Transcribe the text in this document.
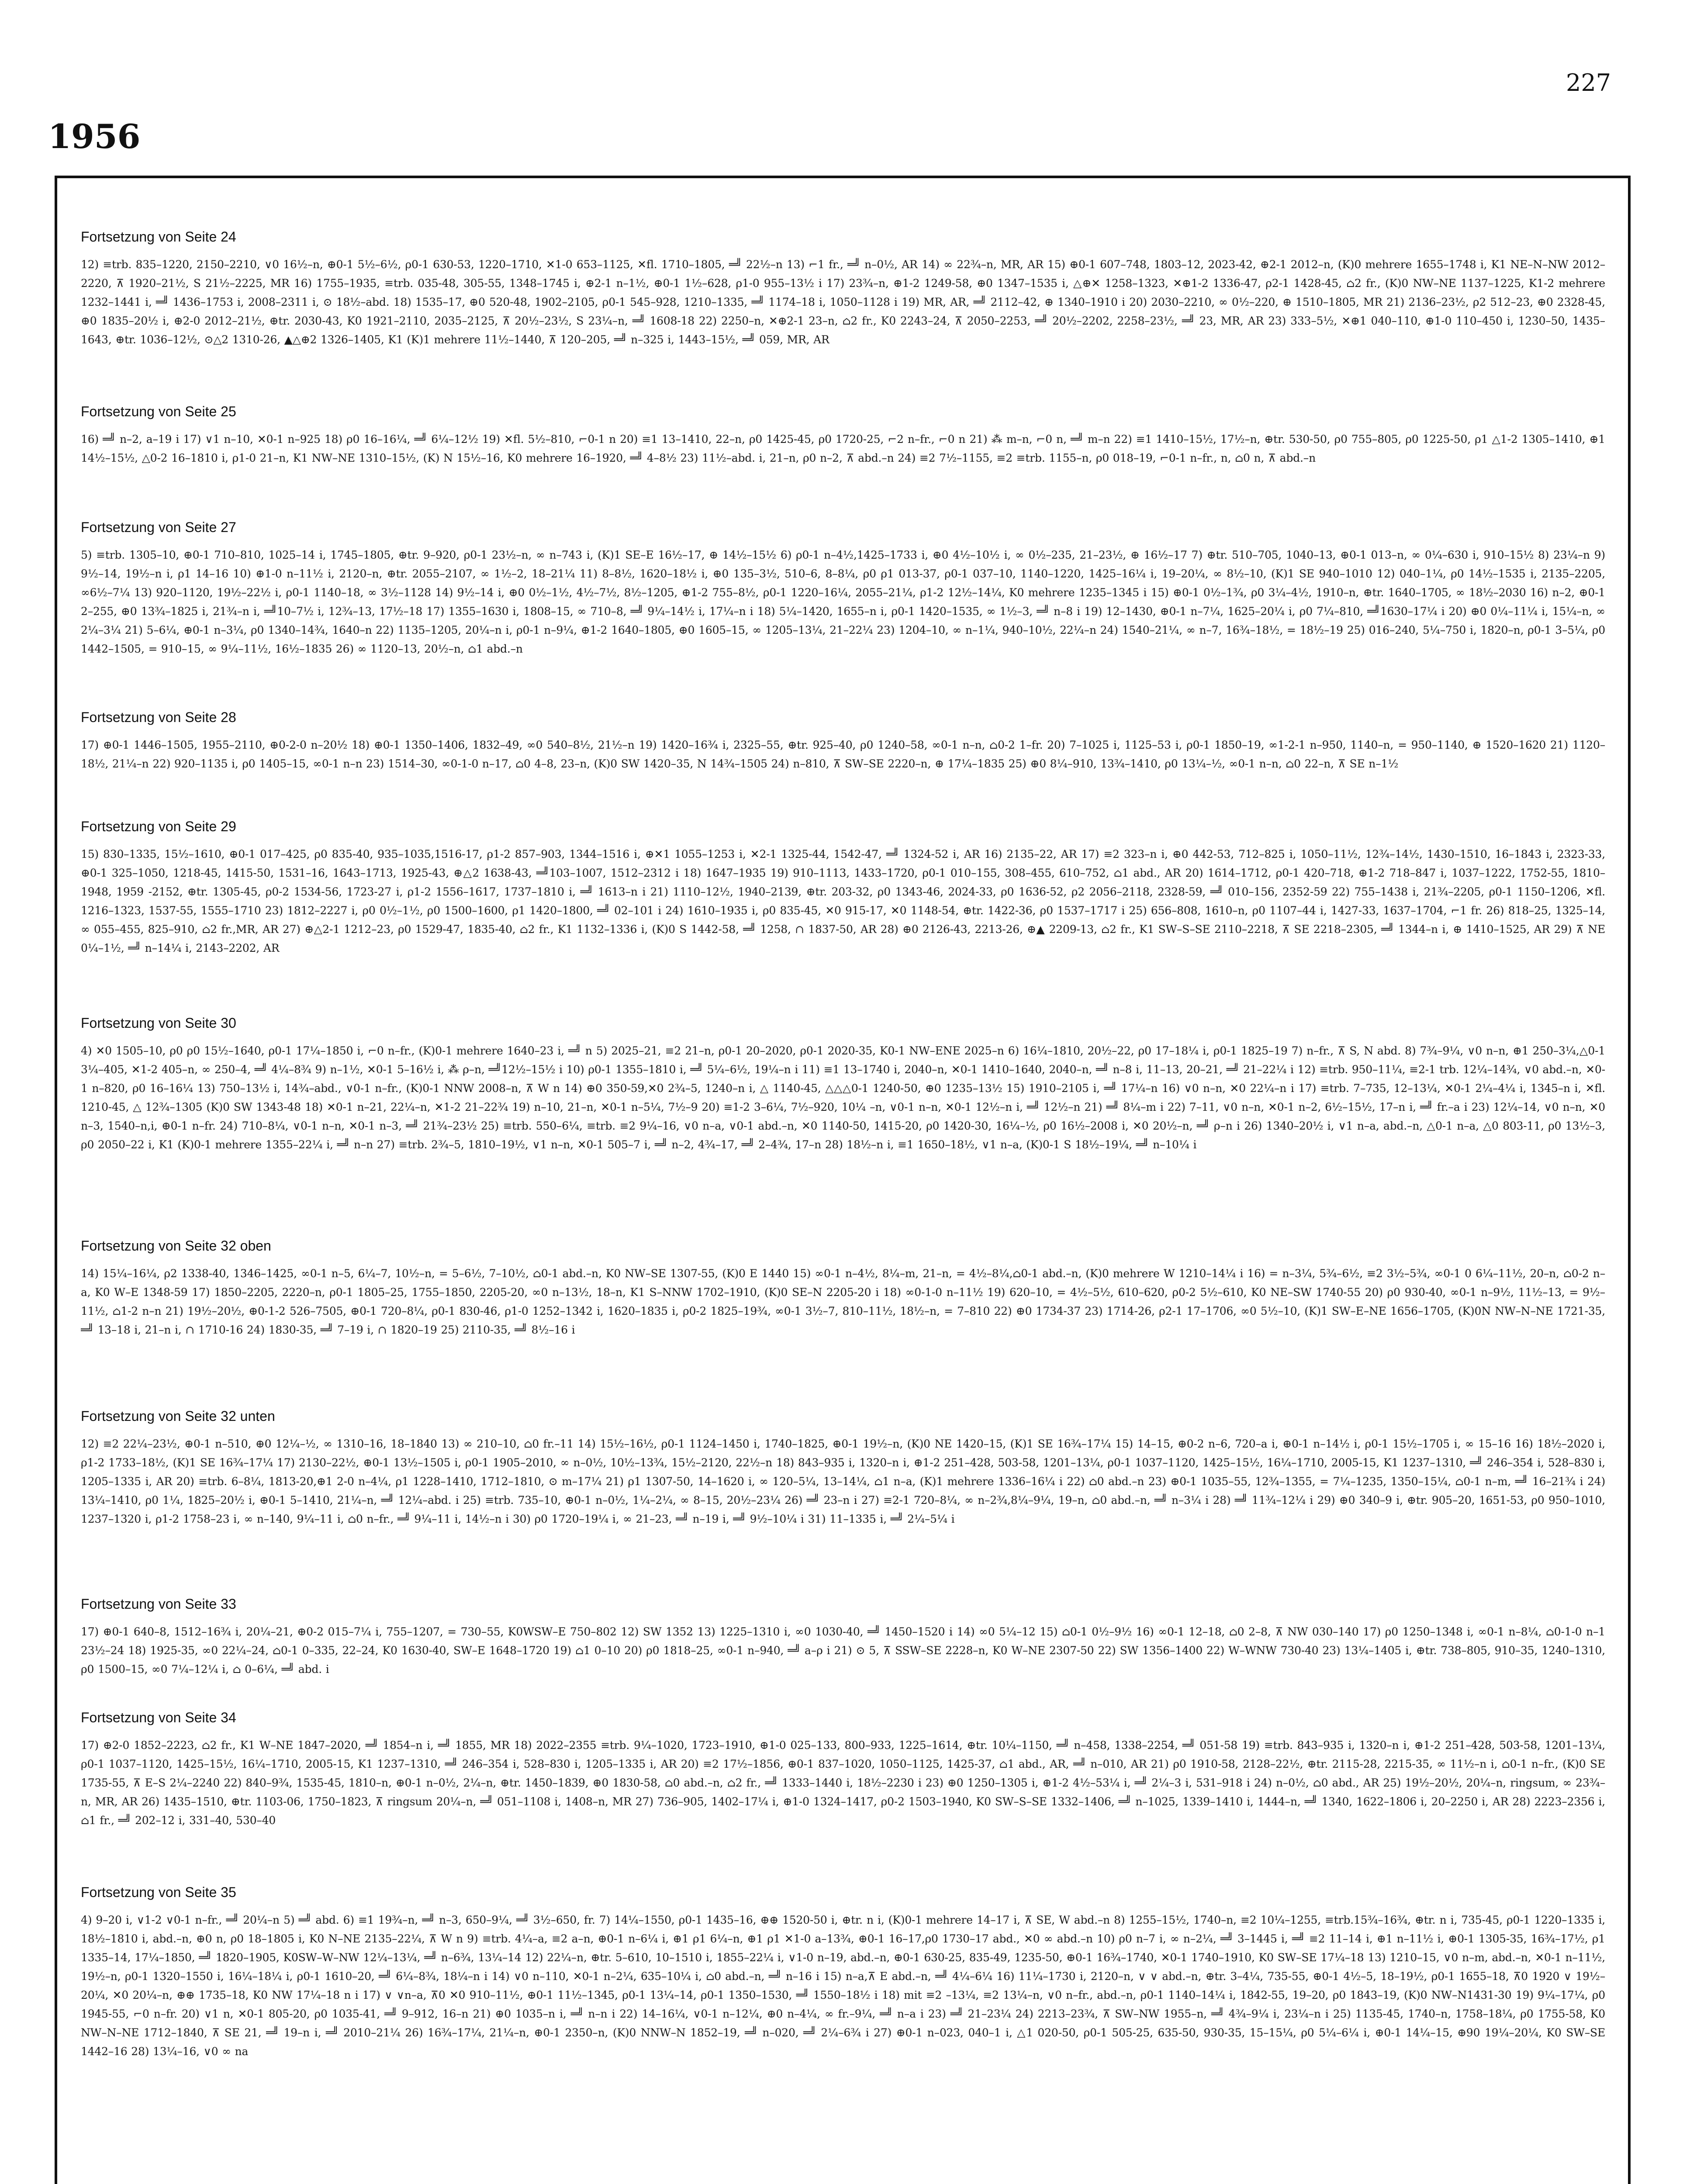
227
1956
Fortsetzung von Seite 24

12) ≡trb. 835–1220, 2150–2210, ∨0 16½–n, ⊕0-1 5½–6½, ρ0-1 630-53, 1220–1710, ✕1-0 653–1125, ✕fl. 1710–1805, ═╝ 22½–n 13) ⌐1 fr., ═╝ n–0½, AR 14) ∞ 22¾–n, MR, AR 15) ⊕0-1 607–748, 1803–12, 2023-42, ⊕2-1 2012–n, (K)0 mehrere 1655–1748 i, K1 NE–N–NW 2012–2220, ⊼ 1920–21½, S 21½–2225, MR 16) 1755–1935, ≡trb. 035-48, 305-55, 1348–1745 i, ⊕2-1 n–1½, ⊕0-1 1½–628, ρ1-0 955–13½ i 17) 23¾–n, ⊕1-2 1249-58, ⊕0 1347–1535 i, △⊕✕ 1258–1323, ✕⊕1-2 1336-47, ρ2-1 1428-45, ⌂2 fr., (K)0 NW–NE 1137–1225, K1-2 mehrere 1232–1441 i, ═╝ 1436–1753 i, 2008–2311 i, ⊙ 18½–abd. 18) 1535–17, ⊕0 520-48, 1902–2105, ρ0-1 545–928, 1210–1335, ═╝ 1174–18 i, 1050–1128 i 19) MR, AR, ═╝ 2112–42, ⊕ 1340–1910 i 20) 2030–2210, ∞ 0½–220, ⊕ 1510–1805, MR 21) 2136–23½, ρ2 512–23, ⊕0 2328-45, ⊕0 1835–20½ i, ⊕2-0 2012–21½, ⊕tr. 2030-43, K0 1921–2110, 2035–2125, ⊼ 20½–23½, S 23¼–n, ═╝ 1608-18 22) 2250–n, ✕⊕2-1 23–n, ⌂2 fr., K0 2243–24, ⊼ 2050–2253, ═╝ 20½–2202, 2258–23½, ═╝ 23, MR, AR 23) 333–5½, ✕⊕1 040–110, ⊕1-0 110–450 i, 1230–50, 1435–1643, ⊕tr. 1036–12½, ⊙△2 1310-26, ▲△⊕2 1326–1405, K1 (K)1 mehrere 11½–1440, ⊼ 120–205, ═╝ n–325 i, 1443–15½, ═╝ 059, MR, AR

Fortsetzung von Seite 25

16) ═╝ n–2, a–19 i 17) ∨1 n–10, ✕0-1 n–925 18) ρ0 16–16¼, ═╝ 6¼–12½ 19) ✕fl. 5½–810, ⌐0-1 n 20) ≡1 13–1410, 22–n, ρ0 1425-45, ρ0 1720-25, ⌐2 n–fr., ⌐0 n 21) ⁂ m–n, ⌐0 n, ═╝ m–n 22) ≡1 1410–15½, 17½–n, ⊕tr. 530-50, ρ0 755–805, ρ0 1225-50, ρ1 △1-2 1305–1410, ⊕1 14½–15½, △0-2 16–1810 i, ρ1-0 21–n, K1 NW–NE 1310–15½, (K) N 15½–16, K0 mehrere 16–1920, ═╝ 4–8½ 23) 11½–abd. i, 21–n, ρ0 n–2, ⊼ abd.–n 24) ≡2 7½–1155, ≡2 ≡trb. 1155–n, ρ0 018–19, ⌐0-1 n–fr., n, ⌂0 n, ⊼ abd.–n

Fortsetzung von Seite 27

5) ≡trb. 1305–10, ⊕0-1 710–810, 1025–14 i, 1745–1805, ⊕tr. 9–920, ρ0-1 23½–n, ∞ n–743 i, (K)1 SE–E 16½–17, ⊕ 14½–15½ 6) ρ0-1 n–4½,1425–1733 i, ⊕0 4½–10½ i, ∞ 0½–235, 21–23½, ⊕ 16½–17 7) ⊕tr. 510–705, 1040–13, ⊕0-1 013–n, ∞ 0¼–630 i, 910–15½ 8) 23¼–n 9) 9½–14, 19½–n i, ρ1 14–16 10) ⊕1-0 n–11½ i, 2120–n, ⊕tr. 2055–2107, ∞ 1½–2, 18–21¼ 11) 8–8½, 1620–18½ i, ⊕0 135–3½, 510–6, 8–8¼, ρ0 ρ1 013-37, ρ0-1 037–10, 1140–1220, 1425–16¼ i, 19–20¼, ∞ 8½–10, (K)1 SE 940–1010 12) 040–1¼, ρ0 14½–1535 i, 2135–2205, ∞6½–7¼ 13) 920–1120, 19½–22½ i, ρ0-1 1140–18, ∞ 3½–1128 14) 9½–14 i, ⊕0 0½–1½, 4½–7½, 8½–1205, ⊕1-2 755–8½, ρ0-1 1220–16¼, 2055–21¼, ρ1-2 12½–14¼, K0 mehrere 1235–1345 i 15) ⊕0-1 0½–1¾, ρ0 3¼–4½, 1910–n, ⊕tr. 1640–1705, ∞ 18½–2030 16) n–2, ⊕0-1 2–255, ⊕0 13¾–1825 i, 21¾–n i, ═╝10–7½ i, 12¾–13, 17½–18 17) 1355–1630 i, 1808–15, ∞ 710–8, ═╝ 9¼–14½ i, 17¼–n i 18) 5¼–1420, 1655–n i, ρ0-1 1420–1535, ∞ 1½–3, ═╝ n–8 i 19) 12–1430, ⊕0-1 n–7¼, 1625–20¼ i, ρ0 7¼–810, ═╝1630–17¼ i 20) ⊕0 0¼–11¼ i, 15¼–n, ∞ 2¼–3¼ 21) 5–6¼, ⊕0-1 n–3¼, ρ0 1340–14¾, 1640–n 22) 1135–1205, 20¼–n i, ρ0-1 n–9¼, ⊕1-2 1640–1805, ⊕0 1605–15, ∞ 1205–13¼, 21–22¼ 23) 1204–10, ∞ n–1¼, 940–10½, 22¼–n 24) 1540–21¼, ∞ n–7, 16¾–18½, = 18½–19 25) 016–240, 5¼–750 i, 1820–n, ρ0-1 3–5¼, ρ0 1442–1505, = 910–15, ∞ 9¼–11½, 16½–1835 26) ∞ 1120–13, 20½–n, ⌂1 abd.–n

Fortsetzung von Seite 28

17) ⊕0-1 1446–1505, 1955–2110, ⊕0-2-0 n–20½ 18) ⊕0-1 1350–1406, 1832–49, ∞0 540–8½, 21½–n 19) 1420–16¾ i, 2325–55, ⊕tr. 925–40, ρ0 1240–58, ∞0-1 n–n, ⌂0-2 1–fr. 20) 7–1025 i, 1125–53 i, ρ0-1 1850–19, ∞1-2-1 n–950, 1140–n, = 950–1140, ⊕ 1520–1620 21) 1120–18½, 21¼–n 22) 920–1135 i, ρ0 1405–15, ∞0-1 n–n 23) 1514–30, ∞0-1-0 n–17, ⌂0 4–8, 23–n, (K)0 SW 1420–35, N 14¾–1505 24) n–810, ⊼ SW–SE 2220–n, ⊕ 17¼–1835 25) ⊕0 8¼–910, 13¾–1410, ρ0 13¼–½, ∞0-1 n–n, ⌂0 22–n, ⊼ SE n–1½

Fortsetzung von Seite 29

15) 830–1335, 15½–1610, ⊕0-1 017–425, ρ0 835-40, 935–1035,1516-17, ρ1-2 857–903, 1344–1516 i, ⊕✕1 1055–1253 i, ✕2-1 1325-44, 1542-47, ═╝ 1324-52 i, AR 16) 2135–22, AR 17) ≡2 323–n i, ⊕0 442-53, 712–825 i, 1050–11½, 12¾–14½, 1430–1510, 16–1843 i, 2323-33, ⊕0-1 325–1050, 1218-45, 1415-50, 1531–16, 1643–1713, 1925-43, ⊕△2 1638-43, ═╝103–1007, 1512–2312 i 18) 1647–1935 19) 910–1113, 1433–1720, ρ0-1 010–155, 308–455, 610–752, ⌂1 abd., AR 20) 1614–1712, ρ0-1 420–718, ⊕1-2 718–847 i, 1037–1222, 1752-55, 1810–1948, 1959 -2152, ⊕tr. 1305-45, ρ0-2 1534-56, 1723-27 i, ρ1-2 1556–1617, 1737–1810 i, ═╝ 1613–n i 21) 1110–12½, 1940–2139, ⊕tr. 203-32, ρ0 1343-46, 2024-33, ρ0 1636-52, ρ2 2056–2118, 2328-59, ═╝ 010–156, 2352-59 22) 755–1438 i, 21¾–2205, ρ0-1 1150–1206, ✕fl. 1216–1323, 1537-55, 1555–1710 23) 1812–2227 i, ρ0 0½–1½, ρ0 1500–1600, ρ1 1420–1800, ═╝ 02–101 i 24) 1610–1935 i, ρ0 835-45, ✕0 915-17, ✕0 1148-54, ⊕tr. 1422-36, ρ0 1537–1717 i 25) 656–808, 1610–n, ρ0 1107–44 i, 1427-33, 1637–1704, ⌐1 fr. 26) 818–25, 1325–14, ∞ 055–455, 825–910, ⌂2 fr.,MR, AR 27) ⊕△2-1 1212–23, ρ0 1529-47, 1835-40, ⌂2 fr., K1 1132–1336 i, (K)0 S 1442-58, ═╝ 1258, ∩ 1837-50, AR 28) ⊕0 2126-43, 2213-26, ⊕▲ 2209-13, ⌂2 fr., K1 SW–S–SE 2110–2218, ⊼ SE 2218–2305, ═╝ 1344–n i, ⊕ 1410–1525, AR 29) ⊼ NE 0¼–1½, ═╝ n–14¼ i, 2143–2202, AR

Fortsetzung von Seite 30

4) ✕0 1505–10, ρ0 ρ0 15½–1640, ρ0-1 17¼–1850 i, ⌐0 n–fr., (K)0-1 mehrere 1640–23 i, ═╝ n 5) 2025–21, ≡2 21–n, ρ0-1 20–2020, ρ0-1 2020-35, K0-1 NW–ENE 2025–n 6) 16¼–1810, 20½–22, ρ0 17–18¼ i, ρ0-1 1825–19 7) n–fr., ⊼ S, N abd. 8) 7¾–9¼, ∨0 n–n, ⊕1 250–3¼,△0-1 3¼–405, ✕1-2 405–n, ∞ 250–4, ═╝ 4¼–8¾ 9) n–1½, ✕0-1 5–16½ i, ⁂ ρ–n, ═╝12½–15½ i 10) ρ0-1 1355–1810 i, ═╝ 5¼–6½, 19¼–n i 11) ≡1 13–1740 i, 2040–n, ✕0-1 1410–1640, 2040–n, ═╝ n–8 i, 11–13, 20–21, ═╝ 21–22¼ i 12) ≡trb. 950–11¼, ≡2-1 trb. 12¼–14¾, ∨0 abd.–n, ✕0-1 n–820, ρ0 16–16¼ 13) 750–13½ i, 14¾–abd., ∨0-1 n–fr., (K)0-1 NNW 2008–n, ⊼ W n 14) ⊕0 350-59,✕0 2¾–5, 1240–n i, △ 1140-45, △△△0-1 1240-50, ⊕0 1235–13½ 15) 1910–2105 i, ═╝ 17¼–n 16) ∨0 n–n, ✕0 22¼–n i 17) ≡trb. 7–735, 12–13¼, ✕0-1 2¼–4¼ i, 1345–n i, ✕fl. 1210-45, △ 12¾–1305 (K)0 SW 1343-48 18) ✕0-1 n–21, 22¼–n, ✕1-2 21–22¾ 19) n–10, 21–n, ✕0-1 n–5¼, 7½–9 20) ≡1-2 3–6¼, 7½–920, 10¼ –n, ∨0-1 n–n, ✕0-1 12½–n i, ═╝ 12½–n 21) ═╝ 8¼–m i 22) 7–11, ∨0 n–n, ✕0-1 n–2, 6½–15½, 17–n i, ═╝ fr.–a i 23) 12¼–14, ∨0 n–n, ✕0 n–3, 1540–n,i, ⊕0-1 n–fr. 24) 710–8¼, ∨0-1 n–n, ✕0-1 n–3, ═╝ 21¾–23½ 25) ≡trb. 550–6¼, ≡trb. ≡2 9¼–16, ∨0 n–a, ∨0-1 abd.–n, ✕0 1140-50, 1415-20, ρ0 1420-30, 16¼–½, ρ0 16½–2008 i, ✕0 20½–n, ═╝ ρ–n i 26) 1340–20½ i, ∨1 n–a, abd.–n, △0-1 n–a, △0 803-11, ρ0 13½–3, ρ0 2050–22 i, K1 (K)0-1 mehrere 1355–22¼ i, ═╝ n–n 27) ≡trb. 2¾–5, 1810–19½, ∨1 n–n, ✕0-1 505–7 i, ═╝ n–2, 4¾–17, ═╝ 2–4¾, 17–n 28) 18½–n i, ≡1 1650–18½, ∨1 n–a, (K)0-1 S 18½–19¼, ═╝ n–10¼ i

Fortsetzung von Seite 32 oben

14) 15¼–16¼, ρ2 1338-40, 1346–1425, ∞0-1 n–5, 6¼–7, 10½–n, = 5–6½, 7–10½, ⌂0-1 abd.–n, K0 NW–SE 1307-55, (K)0 E 1440 15) ∞0-1 n–4½, 8¼–m, 21–n, = 4½–8¼,⌂0-1 abd.–n, (K)0 mehrere W 1210–14¼ i 16) = n–3¼, 5¾–6½, ≡2 3½–5¾, ∞0-1 0 6¼–11½, 20–n, ⌂0-2 n–a, K0 W–E 1348-59 17) 1850–2205, 2220–n, ρ0-1 1805–25, 1755–1850, 2205-20, ∞0 n–13½, 18–n, K1 S–NNW 1702–1910, (K)0 SE–N 2205-20 i 18) ∞0-1-0 n–11½ 19) 620–10, = 4½–5½, 610–620, ρ0-2 5½–610, K0 NE–SW 1740-55 20) ρ0 930-40, ∞0-1 n–9½, 11½–13, = 9½–11½, ⌂1-2 n–n 21) 19½–20½, ⊕0-1-2 526–7505, ⊕0-1 720–8¼, ρ0-1 830-46, ρ1-0 1252–1342 i, 1620–1835 i, ρ0-2 1825–19¾, ∞0-1 3½–7, 810–11½, 18½–n, = 7–810 22) ⊕0 1734-37 23) 1714-26, ρ2-1 17–1706, ∞0 5½–10, (K)1 SW–E–NE 1656–1705, (K)0N NW–N–NE 1721-35, ═╝ 13–18 i, 21–n i, ∩ 1710-16 24) 1830-35, ═╝ 7–19 i, ∩ 1820–19 25) 2110-35, ═╝ 8½–16 i

Fortsetzung von Seite 32 unten

12) ≡2 22¼–23½, ⊕0-1 n–510, ⊕0 12¼–½, ∞ 1310–16, 18–1840 13) ∞ 210–10, ⌂0 fr.–11 14) 15½–16½, ρ0-1 1124–1450 i, 1740–1825, ⊕0-1 19½–n, (K)0 NE 1420–15, (K)1 SE 16¾–17¼ 15) 14–15, ⊕0-2 n–6, 720–a i, ⊕0-1 n–14½ i, ρ0-1 15½–1705 i, ∞ 15–16 16) 18½–2020 i, ρ1-2 1733–18½, (K)1 SE 16¾–17¼ 17) 2130–22½, ⊕0-1 13½–1505 i, ρ0-1 1905–2010, ∞ n–0½, 10½–13¾, 15½–2120, 22½–n 18) 843–935 i, 1320–n i, ⊕1-2 251–428, 503-58, 1201–13¼, ρ0-1 1037–1120, 1425–15½, 16¼–1710, 2005-15, K1 1237–1310, ═╝ 246–354 i, 528–830 i, 1205–1335 i, AR 20) ≡trb. 6–8¼, 1813-20,⊕1 2-0 n–4¼, ρ1 1228–1410, 1712–1810, ⊙ m–17¼ 21) ρ1 1307-50, 14–1620 i, ∞ 120–5¼, 13–14¼, ⌂1 n–a, (K)1 mehrere 1336–16¼ i 22) ⌂0 abd.–n 23) ⊕0-1 1035–55, 12¾–1355, = 7¼–1235, 1350–15¼, ⌂0-1 n–m, ═╝ 16–21¾ i 24) 13¼–1410, ρ0 1¼, 1825–20½ i, ⊕0-1 5–1410, 21¼–n, ═╝ 12¼–abd. i 25) ≡trb. 735–10, ⊕0-1 n–0½, 1¼–2¼, ∞ 8–15, 20½–23¼ 26) ═╝ 23–n i 27) ≡2-1 720–8¼, ∞ n–2¾,8¼–9¼, 19–n, ⌂0 abd.–n, ═╝ n–3¼ i 28) ═╝ 11¾–12¼ i 29) ⊕0 340–9 i, ⊕tr. 905–20, 1651-53, ρ0 950–1010, 1237–1320 i, ρ1-2 1758–23 i, ∞ n–140, 9¼–11 i, ⌂0 n–fr., ═╝ 9¼–11 i, 14½–n i 30) ρ0 1720–19¼ i, ∞ 21–23, ═╝ n–19 i, ═╝ 9½–10¼ i 31) 11–1335 i, ═╝ 2¼–5¼ i

Fortsetzung von Seite 33

17) ⊕0-1 640–8, 1512–16¾ i, 20¼–21, ⊕0-2 015–7¼ i, 755–1207, = 730–55, K0WSW–E 750–802 12) SW 1352 13) 1225–1310 i, ∞0 1030-40, ═╝ 1450–1520 i 14) ∞0 5¼–12 15) ⌂0-1 0½–9½ 16) ∞0-1 12–18, ⌂0 2–8, ⊼ NW 030–140 17) ρ0 1250–1348 i, ∞0-1 n–8¼, ⌂0-1-0 n–1 23½–24 18) 1925-35, ∞0 22¼–24, ⌂0-1 0–335, 22–24, K0 1630-40, SW–E 1648–1720 19) ⌂1 0–10 20) ρ0 1818–25, ∞0-1 n–940, ═╝ a–ρ i 21) ⊙ 5, ⊼ SSW–SE 2228–n, K0 W–NE 2307-50 22) SW 1356–1400 22) W–WNW 730-40 23) 13¼–1405 i, ⊕tr. 738–805, 910–35, 1240–1310, ρ0 1500–15, ∞0 7¼–12¼ i, ⌂ 0–6¼, ═╝ abd. i

Fortsetzung von Seite 34

17) ⊕2-0 1852–2223, ⌂2 fr., K1 W–NE 1847–2020, ═╝ 1854–n i, ═╝ 1855, MR 18) 2022–2355 ≡trb. 9¼–1020, 1723–1910, ⊕1-0 025–133, 800–933, 1225–1614, ⊕tr. 10¼–1150, ═╝ n–458, 1338–2254, ═╝ 051-58 19) ≡trb. 843–935 i, 1320–n i, ⊕1-2 251–428, 503-58, 1201–13¼, ρ0-1 1037–1120, 1425–15½, 16¼–1710, 2005-15, K1 1237–1310, ═╝ 246–354 i, 528–830 i, 1205–1335 i, AR 20) ≡2 17½–1856, ⊕0-1 837–1020, 1050–1125, 1425-37, ⌂1 abd., AR, ═╝ n–010, AR 21) ρ0 1910-58, 2128–22½, ⊕tr. 2115-28, 2215-35, ∞ 11½–n i, ⌂0-1 n–fr., (K)0 SE 1735-55, ⊼ E–S 2¼–2240 22) 840–9¾, 1535-45, 1810–n, ⊕0-1 n–0½, 2¼–n, ⊕tr. 1450–1839, ⊕0 1830-58, ⌂0 abd.–n, ⌂2 fr., ═╝ 1333–1440 i, 18½–2230 i 23) ⊕0 1250–1305 i, ⊕1-2 4½–53¼ i, ═╝ 2¼–3 i, 531–918 i 24) n–0½, ⌂0 abd., AR 25) 19½–20½, 20¼–n, ringsum, ∞ 23¾–n, MR, AR 26) 1435–1510, ⊕tr. 1103-06, 1750–1823, ⊼ ringsum 20¼–n, ═╝ 051–1108 i, 1408–n, MR 27) 736–905, 1402–17¼ i, ⊕1-0 1324–1417, ρ0-2 1503–1940, K0 SW–S–SE 1332–1406, ═╝ n–1025, 1339–1410 i, 1444–n, ═╝ 1340, 1622–1806 i, 20–2250 i, AR 28) 2223–2356 i, ⌂1 fr., ═╝ 202–12 i, 331–40, 530–40

Fortsetzung von Seite 35

4) 9–20 i, ∨1-2 ∨0-1 n–fr., ═╝ 20¼–n 5) ═╝ abd. 6) ≡1 19¾–n, ═╝ n–3, 650–9¼, ═╝ 3½–650, fr. 7) 14¼–1550, ρ0-1 1435–16, ⊕⊕ 1520-50 i, ⊕tr. n i, (K)0-1 mehrere 14–17 i, ⊼ SE, W abd.–n 8) 1255–15½, 1740–n, ≡2 10¼–1255, ≡trb.15¾–16¾, ⊕tr. n i, 735-45, ρ0-1 1220–1335 i, 18½–1810 i, abd.–n, ⊕0 n, ρ0 18–1805 i, K0 N–NE 2135–22¼, ⊼ W n 9) ≡trb. 4¼–a, ≡2 a–n, ⊕0-1 n–6¼ i, ⊕1 ρ1 6¼–n, ⊕1 ρ1 ✕1-0 a–13¾, ⊕0-1 16–17,ρ0 1730–17 abd., ✕0 ∞ abd.–n 10) ρ0 n–7 i, ∞ n–2¼, ═╝ 3–1445 i, ═╝ ≡2 11–14 i, ⊕1 n–11½ i, ⊕0-1 1305-35, 16¾–17½, ρ1 1335–14, 17¼–1850, ═╝ 1820–1905, K0SW–W–NW 12¼–13¼, ═╝ n–6¾, 13¼–14 12) 22¼–n, ⊕tr. 5–610, 10–1510 i, 1855–22¼ i, ∨1-0 n–19, abd.–n, ⊕0-1 630-25, 835-49, 1235-50, ⊕0-1 16¾–1740, ✕0-1 1740–1910, K0 SW–SE 17¼–18 13) 1210–15, ∨0 n–m, abd.–n, ✕0-1 n–11½, 19½–n, ρ0-1 1320–1550 i, 16¼–18¼ i, ρ0-1 1610–20, ═╝ 6¼–8¾, 18¼–n i 14) ∨0 n–110, ✕0-1 n–2¼, 635–10¼ i, ⌂0 abd.–n, ═╝ n–16 i 15) n–a,⊼ E abd.–n, ═╝ 4¼–6¼ 16) 11¼–1730 i, 2120–n, ∨ ∨ abd.–n, ⊕tr. 3–4¼, 735-55, ⊕0-1 4½–5, 18–19½, ρ0-1 1655–18, ⊼0 1920 ∨ 19½–20¼, ✕0 20¼–n, ⊕⊕ 1735–18, K0 NW 17¼–18 n i 17) ∨ ∨n–a, ⊼0 ✕0 910–11½, ⊕0-1 11½–1345, ρ0-1 13¼–14, ρ0-1 1350–1530, ═╝ 1550–18½ i 18) mit ≡2 –13¼, ≡2 13¼–n, ∨0 n–fr., abd.–n, ρ0-1 1140–14¼ i, 1842-55, 19–20, ρ0 1843–19, (K)0 NW–N1431-30 19) 9¼–17¼, ρ0 1945-55, ⌐0 n–fr. 20) ∨1 n, ✕0-1 805-20, ρ0 1035-41, ═╝ 9–912, 16–n 21) ⊕0 1035–n i, ═╝ n–n i 22) 14–16¼, ∨0-1 n–12¼, ⊕0 n–4¼, ∞ fr.–9¼, ═╝ n–a i 23) ═╝ 21–23¼ 24) 2213–23¾, ⊼ SW–NW 1955–n, ═╝ 4¾–9¼ i, 23¼–n i 25) 1135-45, 1740–n, 1758–18¼, ρ0 1755-58, K0 NW–N–NE 1712–1840, ⊼ SE 21, ═╝ 19–n i, ═╝ 2010–21¼ 26) 16¾–17¼, 21¼–n, ⊕0-1 2350–n, (K)0 NNW–N 1852–19, ═╝ n–020, ═╝ 2¼–6¾ i 27) ⊕0-1 n–023, 040–1 i, △1 020-50, ρ0-1 505-25, 635-50, 930-35, 15–15¼, ρ0 5¼–6¼ i, ⊕0-1 14¼–15, ⊕90 19¼–20¼, K0 SW–SE 1442–16 28) 13¼–16, ∨0 ∞ na
